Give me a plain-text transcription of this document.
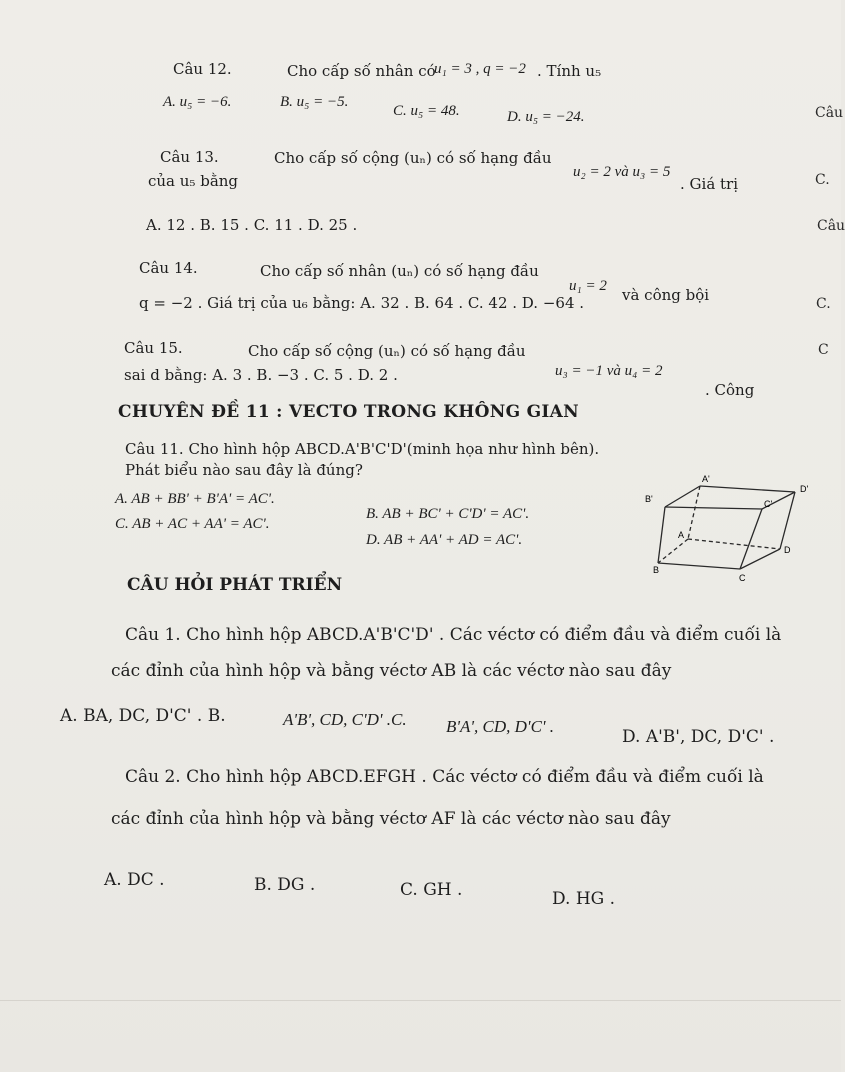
Câu 12.	Cho cấp số nhân có
u₁ = 3 , q = −2 . Tính u₅
A. u₅ = −6.	B. u₅ = −5.
C. u₅ = 48.	D. u₅ = −24.
Câu 13.	Cho cấp số cộng (uₙ) có số hạng đầu
u₂ = 2 và u₃ = 5
. Giá trị
của u₅ bằng
A. 12 . B. 15 . C. 11 . D. 25 .
Câu 14.	Cho cấp số nhân (uₙ) có số hạng đầu
u₁ = 2 và công bội
q = −2 . Giá trị của u₆ bằng: A. 32 . B. 64 . C. 42 . D. −64 .
Câu 15.	Cho cấp số cộng (uₙ) có số hạng đầu
u₃ = −1 và u₄ = 2
. Công
sai d bằng: A. 3 . B. −3 . C. 5 . D. 2 .
CHUYÊN ĐỀ 11 : VECTO TRONG KHÔNG GIAN
Câu 11. Cho hình hộp ABCD.A'B'C'D'(minh họa như hình bên).
Phát biểu nào sau đây là đúng?
A. AB + BB' + B'A' = AC'.
B. AB + BC' + C'D' = AC'.
C. AB + AC + AA' = AC'.
D. AB + AA' + AD = AC'.
A'
D'
B'	C'
A
D
B
C
CÂU HỎI PHÁT TRIỂN
Câu 1. Cho hình hộp ABCD.A'B'C'D' . Các véctơ có điểm đầu và điểm cuối là
các đỉnh của hình hộp và bằng véctơ AB là các véctơ nào sau đây
A. BA, DC, D'C' . B.	A'B', CD, C'D' .C. B'A', CD, D'C' .
D. A'B', DC, D'C' .
Câu 2. Cho hình hộp ABCD.EFGH . Các véctơ có điểm đầu và điểm cuối là
các đỉnh của hình hộp và bằng véctơ AF là các véctơ nào sau đây
A. DC .	B. DG .	C. GH .	D. HG .
Câu
C.
Câu
C.
C
